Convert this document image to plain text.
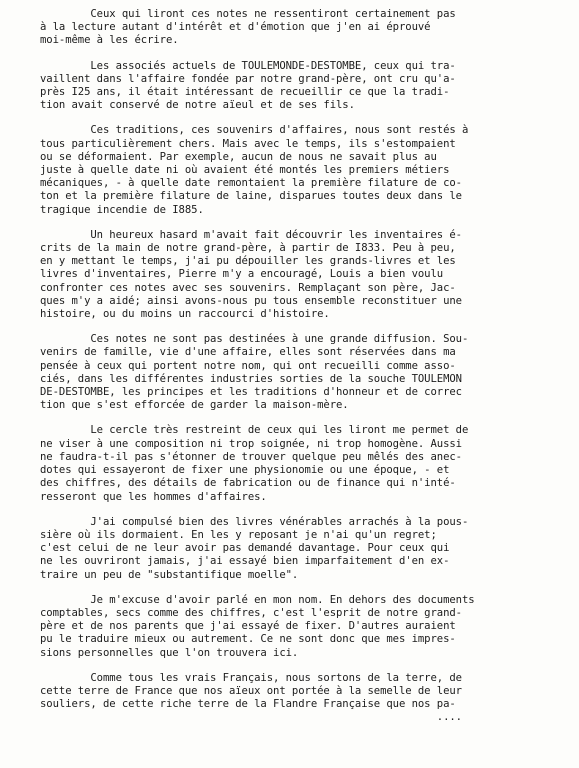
Ceux qui liront ces notes ne ressentiront certainement pas
à la lecture autant d'intérêt et d'émotion que j'en ai éprouvé
moi-même à les écrire.
Les associés actuels de TOULEMONDE-DESTOMBE, ceux qui tra-
vaillent dans l'affaire fondée par notre grand-père, ont cru qu'a-
près I25 ans, il était intéressant de recueillir ce que la tradi-
tion avait conservé de notre aïeul et de ses fils.
Ces traditions, ces souvenirs d'affaires, nous sont restés à
tous particulièrement chers. Mais avec le temps, ils s'estompaient
ou se déformaient. Par exemple, aucun de nous ne savait plus au
juste à quelle date ni où avaient été montés les premiers métiers
mécaniques, - à quelle date remontaient la première filature de co-
ton et la première filature de laine, disparues toutes deux dans le
tragique incendie de I885.
Un heureux hasard m'avait fait découvrir les inventaires é-
crits de la main de notre grand-père, à partir de I833. Peu à peu,
en y mettant le temps, j'ai pu dépouiller les grands-livres et les
livres d'inventaires, Pierre m'y a encouragé, Louis a bien voulu
confronter ces notes avec ses souvenirs. Remplaçant son père, Jac-
ques m'y a aidé; ainsi avons-nous pu tous ensemble reconstituer une
histoire, ou du moins un raccourci d'histoire.
Ces notes ne sont pas destinées à une grande diffusion. Sou-
venirs de famille, vie d'une affaire, elles sont réservées dans ma
pensée à ceux qui portent notre nom, qui ont recueilli comme asso-
ciés, dans les différentes industries sorties de la souche TOULEMON
DE-DESTOMBE, les principes et les traditions d'honneur et de correc
tion que s'est efforcée de garder la maison-mère.
Le cercle très restreint de ceux qui les liront me permet de
ne viser à une composition ni trop soignée, ni trop homogène. Aussi
ne faudra-t-il pas s'étonner de trouver quelque peu mêlés des anec-
dotes qui essayeront de fixer une physionomie ou une époque, - et
des chiffres, des détails de fabrication ou de finance qui n'inté-
resseront que les hommes d'affaires.
J'ai compulsé bien des livres vénérables arrachés à la pous-
sière où ils dormaient. En les y reposant je n'ai qu'un regret;
c'est celui de ne leur avoir pas demandé davantage. Pour ceux qui
ne les ouvriront jamais, j'ai essayé bien imparfaitement d'en ex-
traire un peu de "substantifique moelle".
Je m'excuse d'avoir parlé en mon nom. En dehors des documents
comptables, secs comme des chiffres, c'est l'esprit de notre grand-
père et de nos parents que j'ai essayé de fixer. D'autres auraient
pu le traduire mieux ou autrement. Ce ne sont donc que mes impres-
sions personnelles que l'on trouvera ici.
Comme tous les vrais Français, nous sortons de la terre, de
cette terre de France que nos aïeux ont portée à la semelle de leur
souliers, de cette riche terre de la Flandre Française que nos pa-
....
